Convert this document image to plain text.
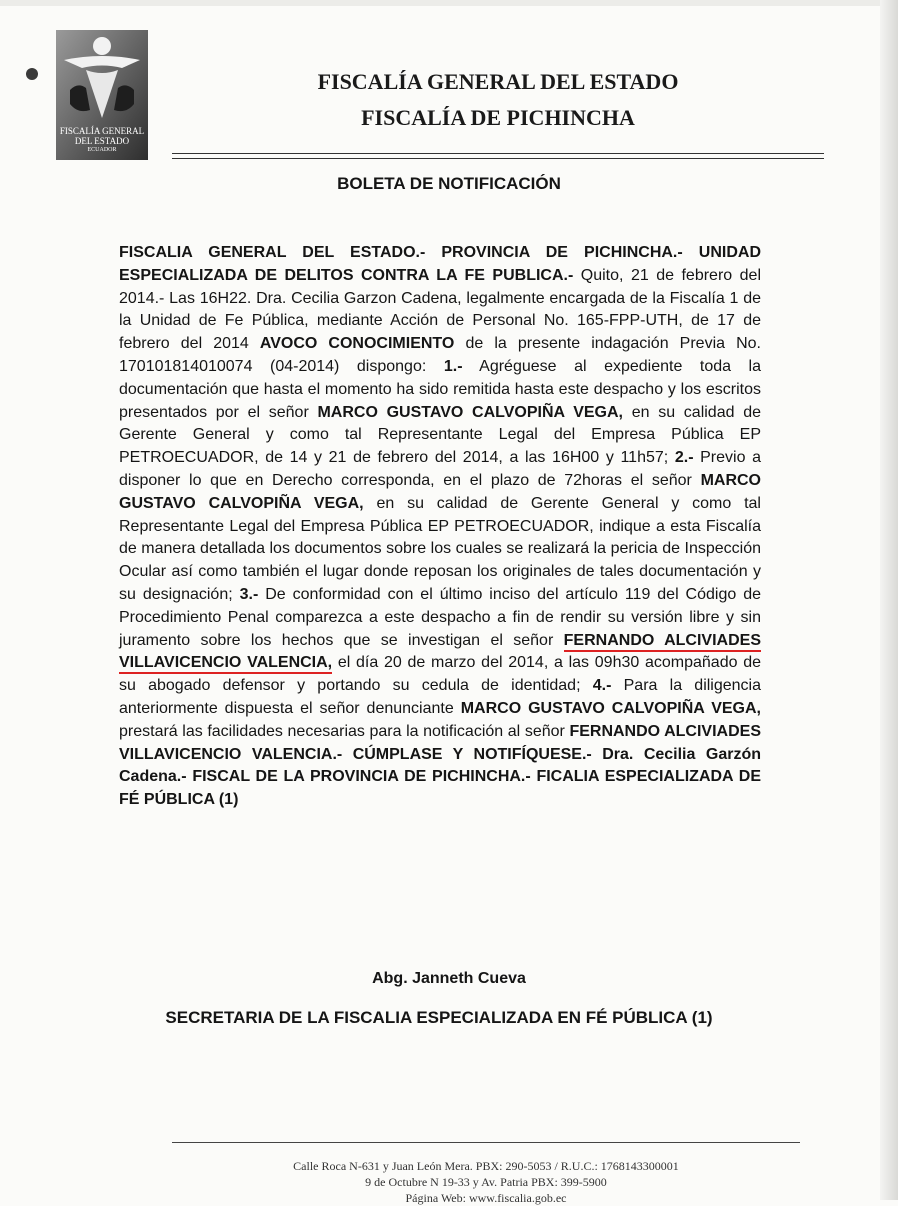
FISCALÍA GENERAL
DEL ESTADO
ECUADOR
FISCALÍA GENERAL DEL ESTADO
FISCALÍA DE PICHINCHA
BOLETA DE NOTIFICACIÓN
FISCALIA GENERAL DEL ESTADO.- PROVINCIA DE PICHINCHA.- UNIDAD ESPECIALIZADA DE DELITOS CONTRA LA FE PUBLICA.- Quito, 21 de febrero del 2014.- Las 16H22. Dra. Cecilia Garzon Cadena, legalmente encargada de la Fiscalía 1 de la Unidad de Fe Pública, mediante Acción de Personal No. 165-FPP-UTH, de 17 de febrero del 2014 AVOCO CONOCIMIENTO de la presente indagación Previa No. 170101814010074 (04-2014) dispongo: 1.- Agréguese al expediente toda la documentación que hasta el momento ha sido remitida hasta este despacho y los escritos presentados por el señor MARCO GUSTAVO CALVOPIÑA VEGA, en su calidad de Gerente General y como tal Representante Legal del Empresa Pública EP PETROECUADOR, de 14 y 21 de febrero del 2014, a las 16H00 y 11h57; 2.- Previo a disponer lo que en Derecho corresponda, en el plazo de 72horas el señor MARCO GUSTAVO CALVOPIÑA VEGA, en su calidad de Gerente General y como tal Representante Legal del Empresa Pública EP PETROECUADOR, indique a esta Fiscalía de manera detallada los documentos sobre los cuales se realizará la pericia de Inspección Ocular así como también el lugar donde reposan los originales de tales documentación y su designación; 3.- De conformidad con el último inciso del artículo 119 del Código de Procedimiento Penal comparezca a este despacho a fin de rendir su versión libre y sin juramento sobre los hechos que se investigan el señor FERNANDO ALCIVIADES VILLAVICENCIO VALENCIA, el día 20 de marzo del 2014, a las 09h30 acompañado de su abogado defensor y portando su cedula de identidad; 4.- Para la diligencia anteriormente dispuesta el señor denunciante MARCO GUSTAVO CALVOPIÑA VEGA, prestará las facilidades necesarias para la notificación al señor FERNANDO ALCIVIADES VILLAVICENCIO VALENCIA.- CÚMPLASE Y NOTIFÍQUESE.- Dra. Cecilia Garzón Cadena.- FISCAL DE LA PROVINCIA DE PICHINCHA.- FICALIA ESPECIALIZADA DE FÉ PÚBLICA (1)
Abg. Janneth Cueva
SECRETARIA DE LA FISCALIA ESPECIALIZADA EN FÉ PÚBLICA (1)
Calle Roca N-631 y Juan León Mera. PBX: 290-5053 / R.U.C.: 1768143300001
9 de Octubre N 19-33 y Av. Patria PBX: 399-5900
Página Web: www.fiscalia.gob.ec
